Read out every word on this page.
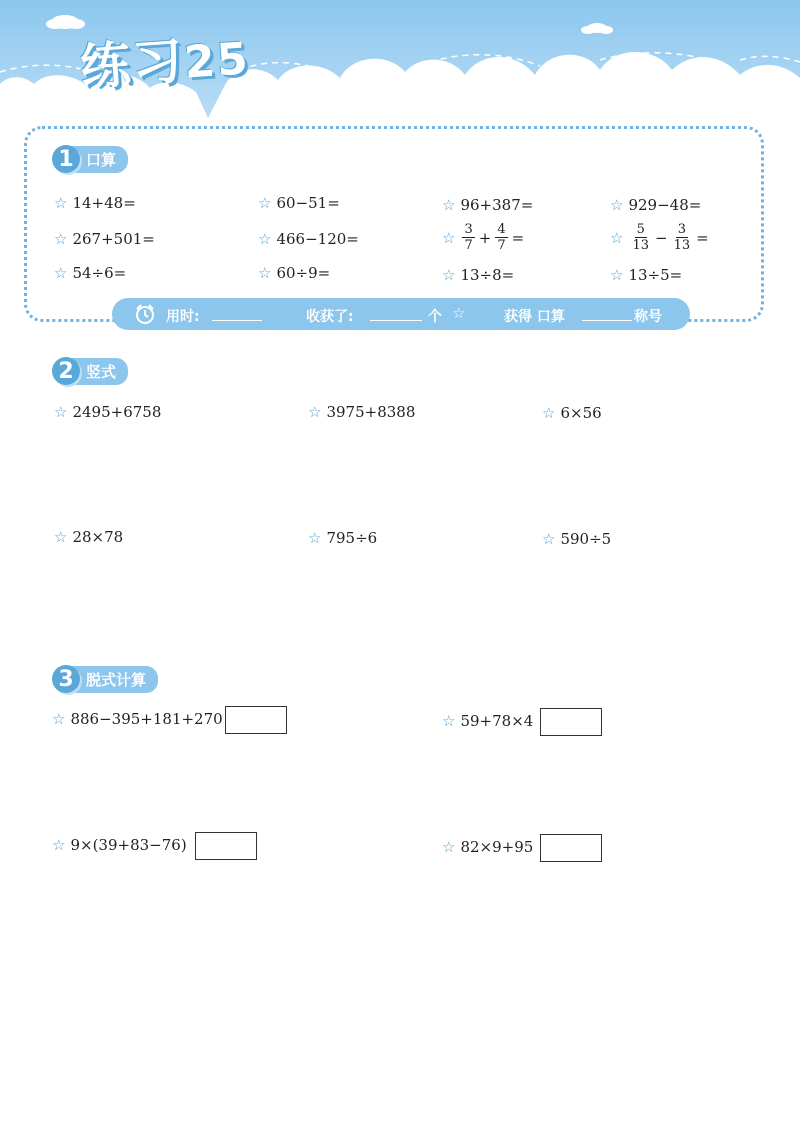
练习25
1 口算
☆ 14+48=	☆ 60−51=	☆ 96+387=	☆ 929−48=
☆ 267+501=	☆ 466−120=	☆ $\frac{3}{7} + \frac{4}{7}$ =	☆ $\frac{5}{13} - \frac{3}{13}$ =
☆ 54÷6=	☆ 60÷9=	☆ 13÷8=	☆ 13÷5=
用时:	收获了:	个 ☆	获得 口算	称号
2 竖式
☆ 2495+6758	☆ 3975+8388	☆ 6×56
☆ 28×78	☆ 795÷6	☆ 590÷5
3 脱式计算
☆ 886−395+181+270	☆ 59+78×4
☆ 9×(39+83−76)	☆ 82×9+95
